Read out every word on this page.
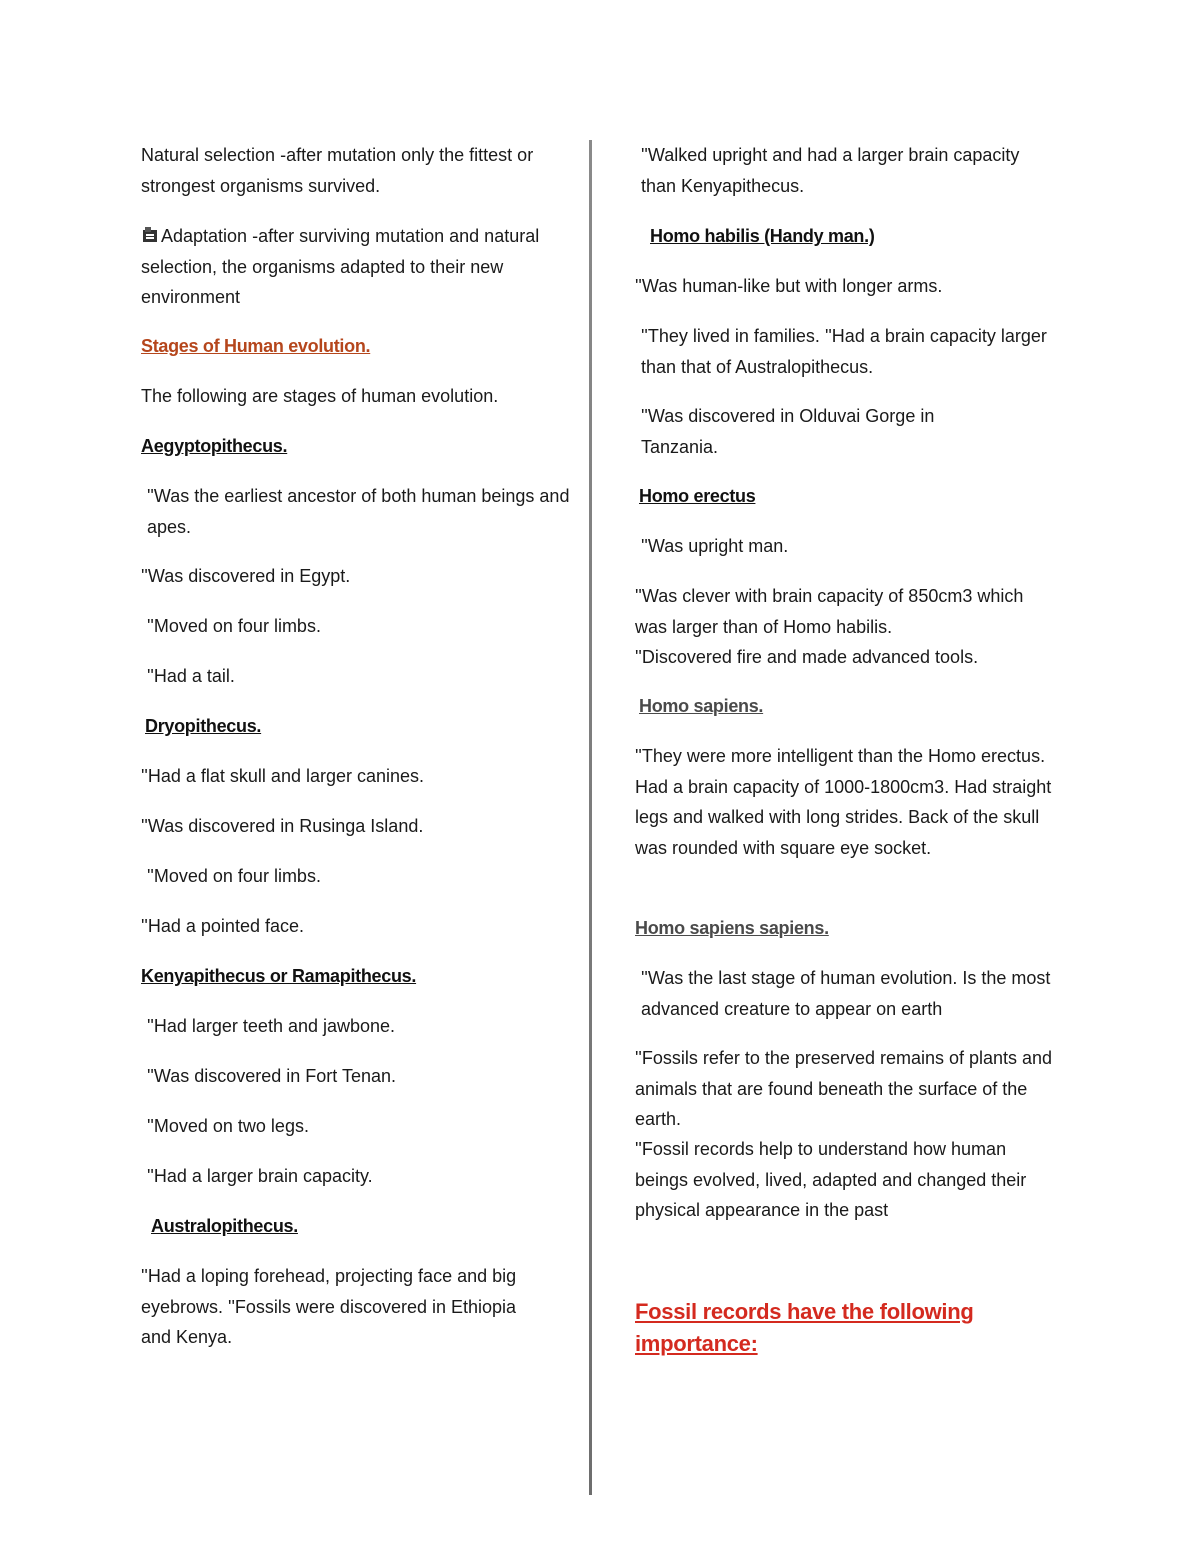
Natural selection -after mutation only the fittest or strongest organisms survived.

Adaptation -after surviving mutation and natural selection, the organisms adapted to their new environment

Stages of Human evolution.

The following are stages of human evolution.

Aegyptopithecus.

''Was the earliest ancestor of both human beings and apes.

''Was discovered in Egypt.

''Moved on four limbs.

''Had a tail.

Dryopithecus.

''Had a flat skull and larger canines.

''Was discovered in Rusinga Island.

''Moved on four limbs.

''Had a pointed face.

Kenyapithecus or Ramapithecus.

''Had larger teeth and jawbone.

''Was discovered in Fort Tenan.

''Moved on two legs.

''Had a larger brain capacity.

Australopithecus.

''Had a loping forehead, projecting face and big eyebrows. ''Fossils were discovered in Ethiopia and Kenya.

''Walked upright and had a larger brain capacity than Kenyapithecus.

Homo habilis (Handy man.)

''Was human-like but with longer arms.

''They lived in families. ''Had a brain capacity larger than that of Australopithecus.

''Was discovered in Olduvai Gorge in Tanzania.

Homo erectus

''Was upright man.

''Was clever with brain capacity of 850cm3 which was larger than of Homo habilis.

''Discovered fire and made advanced tools.

Homo sapiens.

''They were more intelligent than the Homo erectus. Had a brain capacity of 1000-1800cm3. Had straight legs and walked with long strides. Back of the skull was rounded with square eye socket.

Homo sapiens sapiens.

''Was the last stage of human evolution. Is the most advanced creature to appear on earth

''Fossils refer to the preserved remains of plants and animals that are found beneath the surface of the earth.

''Fossil records help to understand how human beings evolved, lived, adapted and changed their physical appearance in the past

Fossil records have the following importance:
